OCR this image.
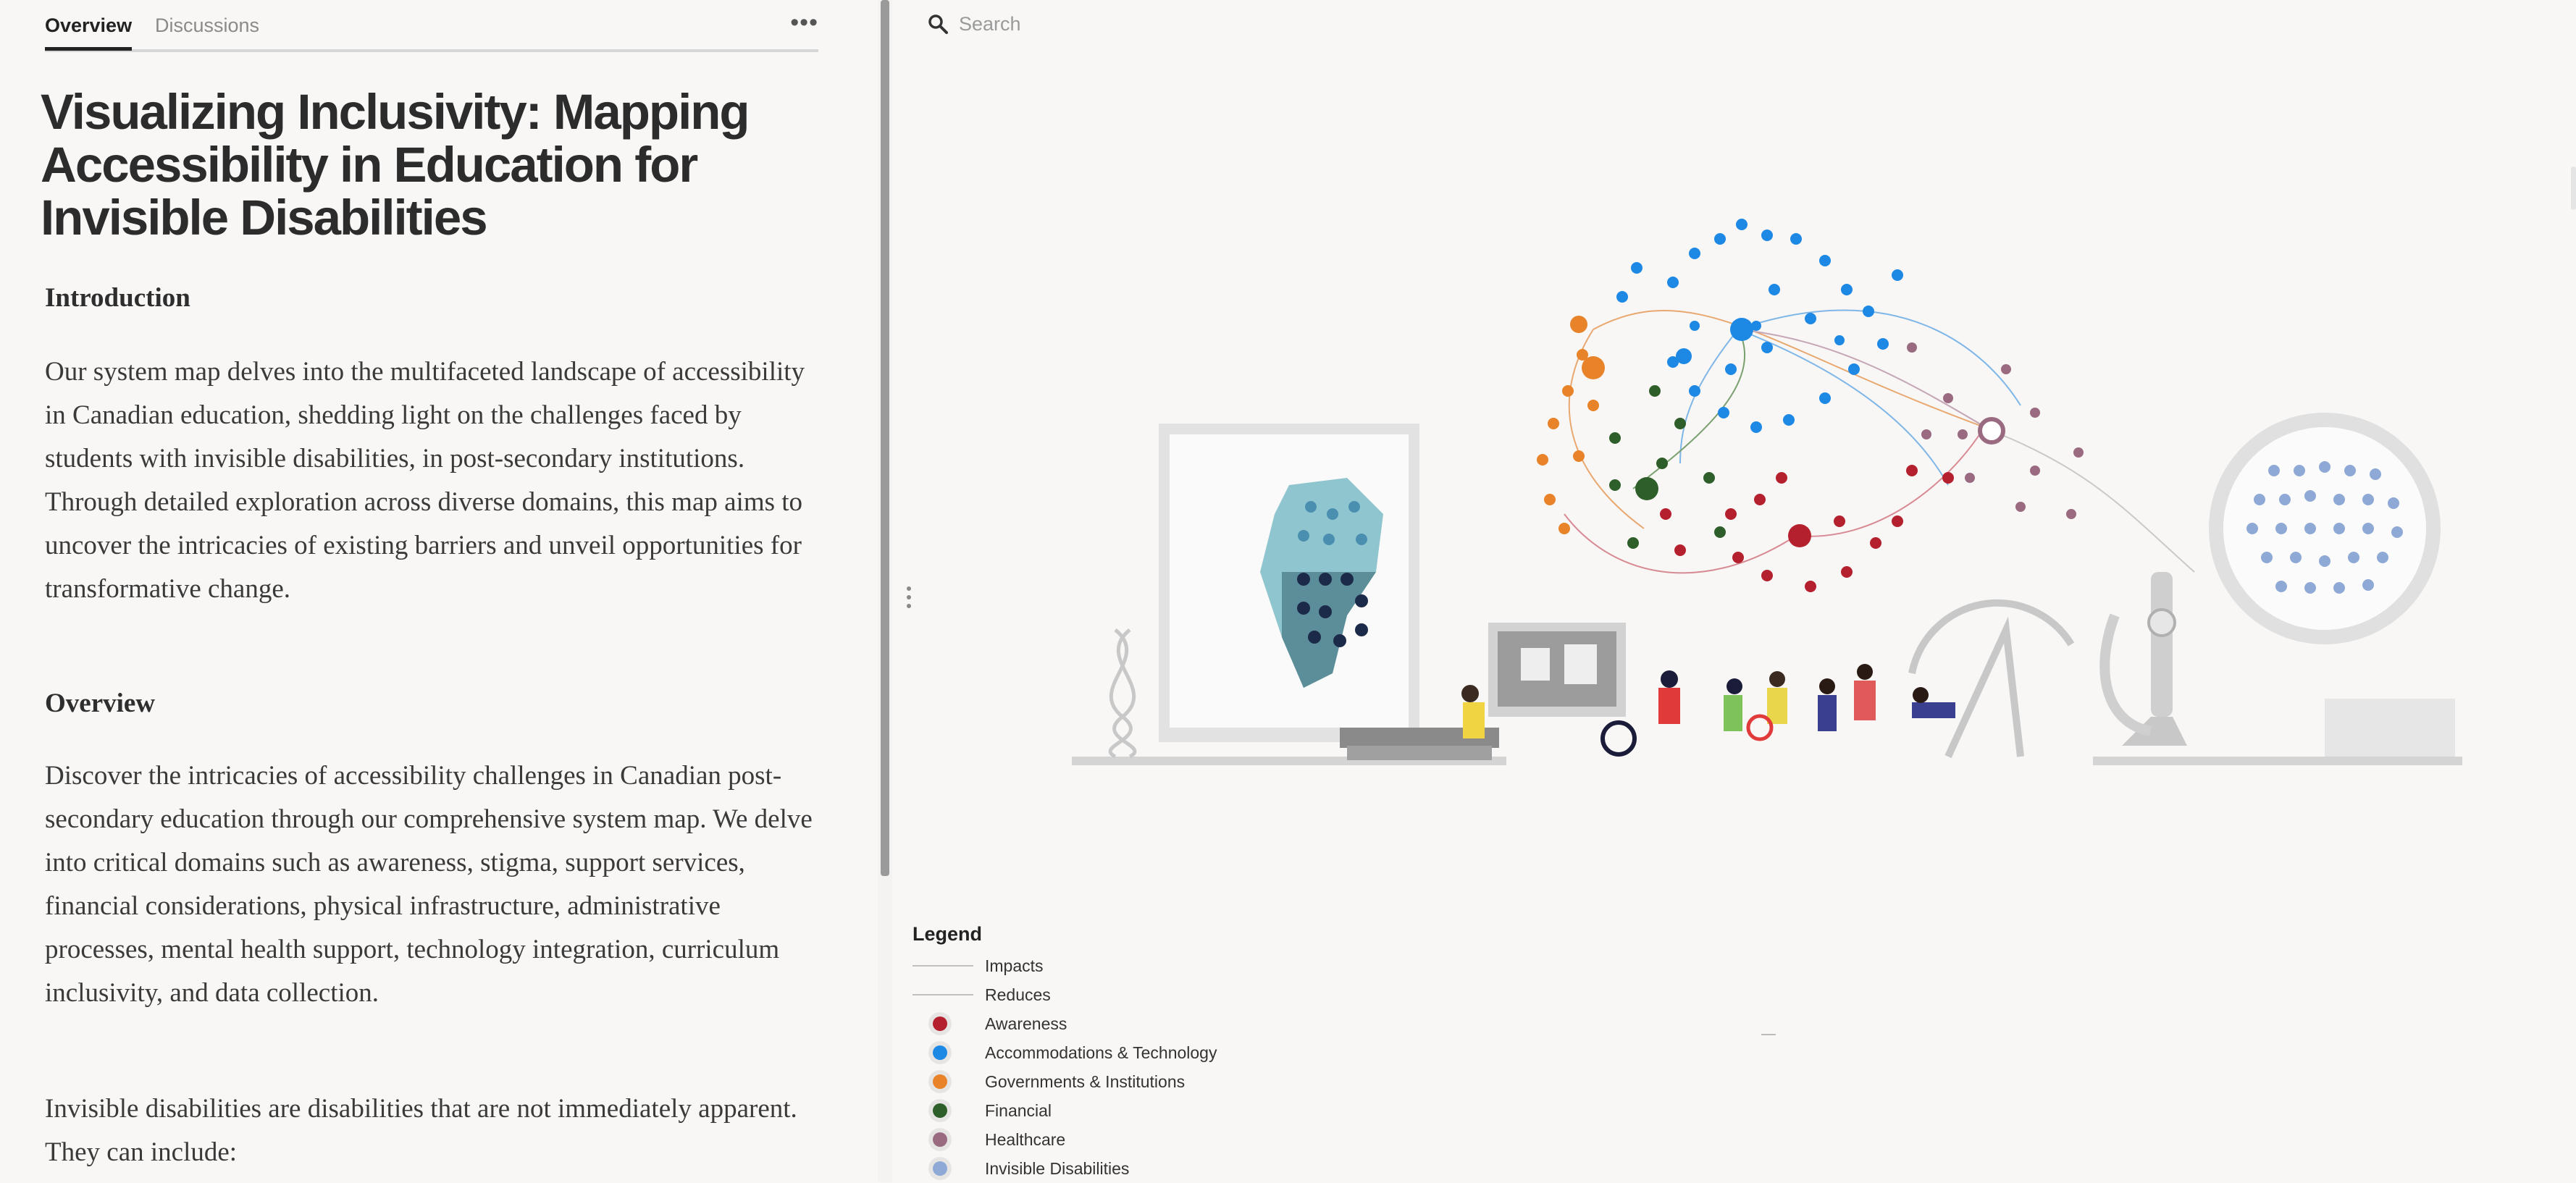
Overview Discussions	•••
Visualizing Inclusivity: Mapping Accessibility in Education for Invisible Disabilities
Introduction

Our system map delves into the multifaceted landscape of accessibility in Canadian education, shedding light on the challenges faced by students with invisible disabilities, in post-secondary institutions. Through detailed exploration across diverse domains, this map aims to uncover the intricacies of existing barriers and unveil opportunities for transformative change.

Overview

Discover the intricacies of accessibility challenges in Canadian post-secondary education through our comprehensive system map. We delve into critical domains such as awareness, stigma, support services, financial considerations, physical infrastructure, administrative processes, mental health support, technology integration, curriculum inclusivity, and data collection.

Invisible disabilities are disabilities that are not immediately apparent. They can include:

Search
Legend
Impacts
Reduces
Awareness
Accommodations & Technology
Governments & Institutions
Financial
Healthcare
Invisible Disabilities
